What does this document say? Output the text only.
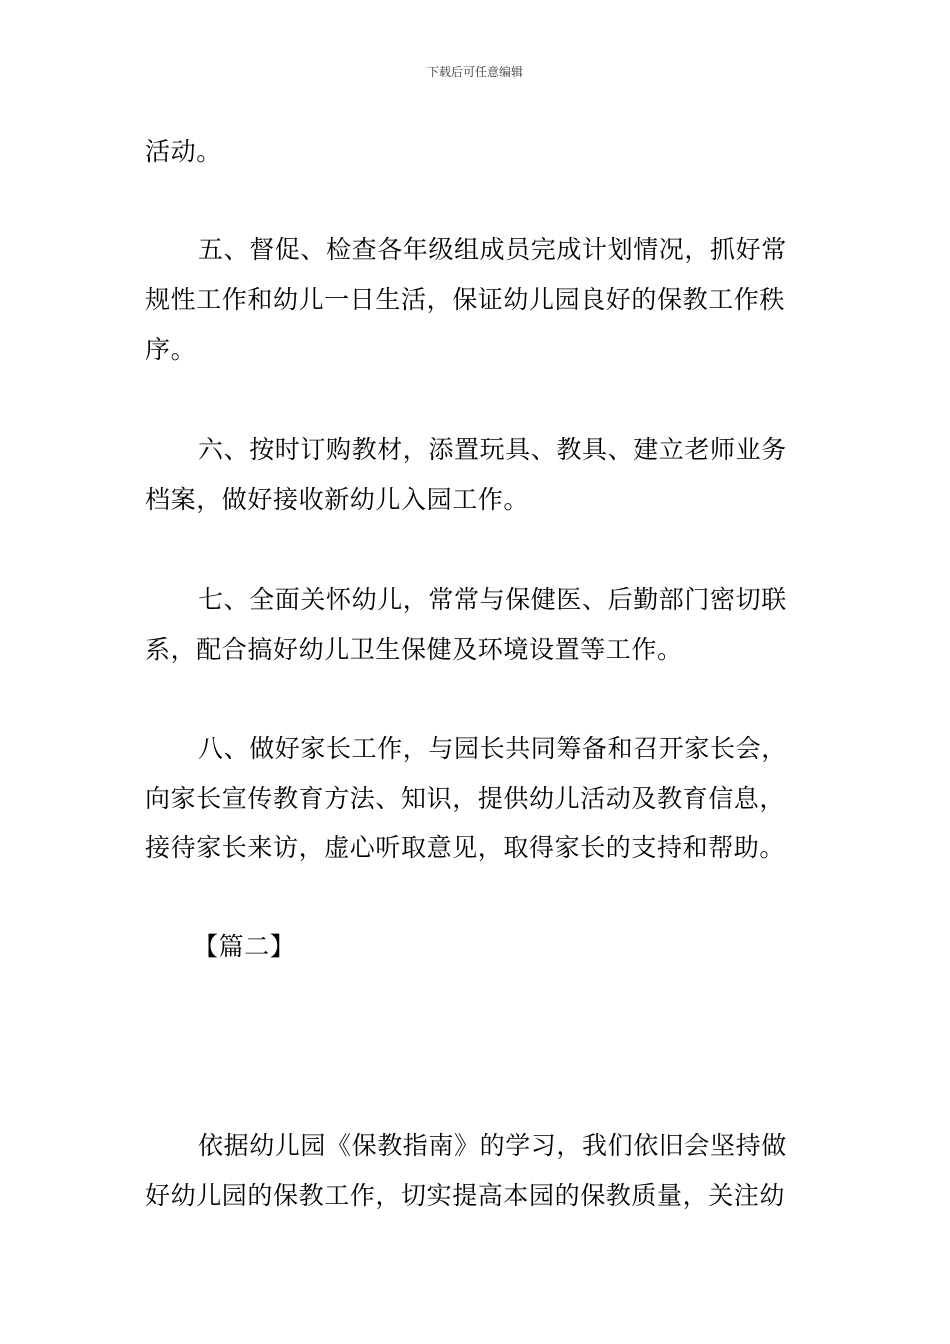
下载后可任意编辑
活动。
五、督促、检查各年级组成员完成计划情况，抓好常
规性工作和幼儿一日生活，保证幼儿园良好的保教工作秩
序。
六、按时订购教材，添置玩具、教具、建立老师业务
档案，做好接收新幼儿入园工作。
七、全面关怀幼儿，常常与保健医、后勤部门密切联
系，配合搞好幼儿卫生保健及环境设置等工作。
八、做好家长工作，与园长共同筹备和召开家长会，
向家长宣传教育方法、知识，提供幼儿活动及教育信息，
接待家长来访，虚心听取意见，取得家长的支持和帮助。
【篇二】
依据幼儿园《保教指南》的学习，我们依旧会坚持做
好幼儿园的保教工作，切实提高本园的保教质量，关注幼
